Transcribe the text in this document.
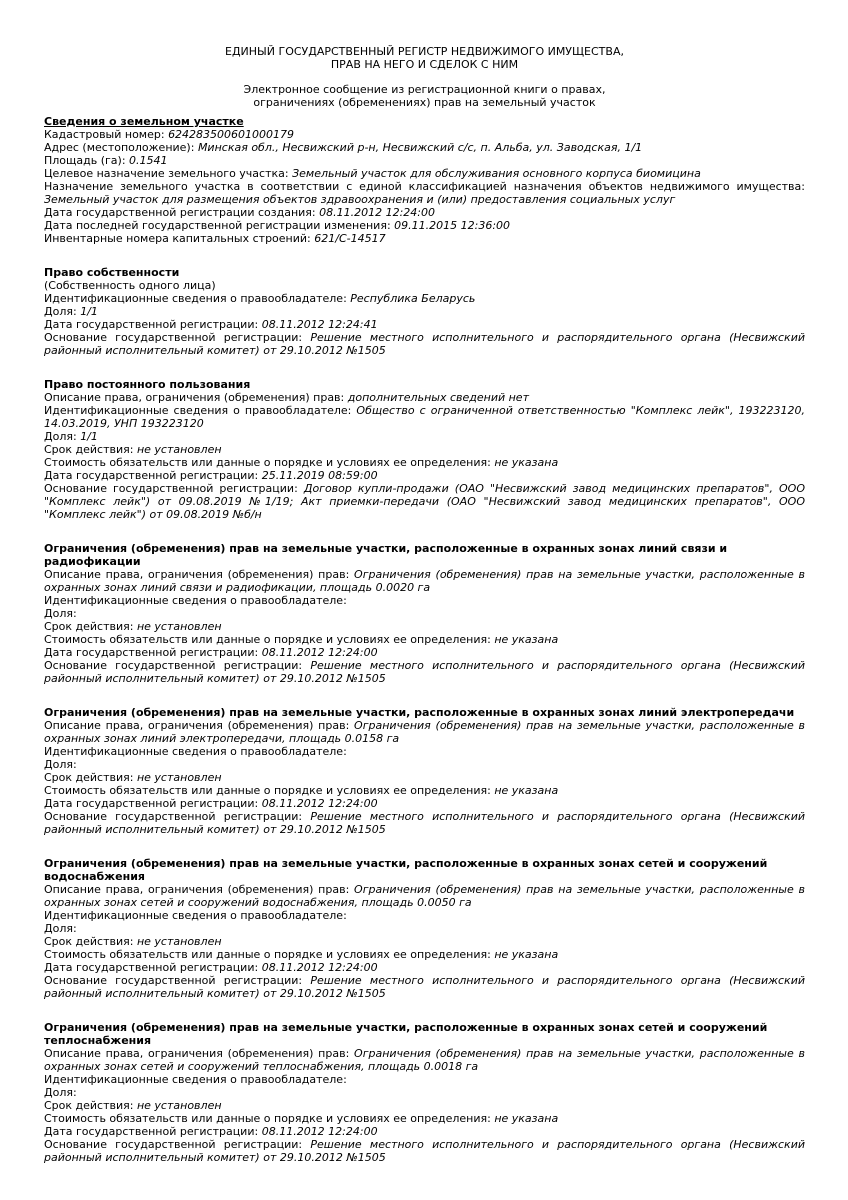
ЕДИНЫЙ ГОСУДАРСТВЕННЫЙ РЕГИСТР НЕДВИЖИМОГО ИМУЩЕСТВА,
ПРАВ НА НЕГО И СДЕЛОК С НИМ
Электронное сообщение из регистрационной книги о правах,
ограничениях (обременениях) прав на земельный участок
Сведения о земельном участке

Кадастровый номер: 624283500601000179

Адрес (местоположение): Минская обл., Несвижский р-н, Несвижский с/с, п. Альба, ул. Заводская, 1/1

Площадь (га): 0.1541

Целевое назначение земельного участка: Земельный участок для обслуживания основного корпуса биомицина

Назначение земельного участка в соответствии с единой классификацией назначения объектов недвижимого имущества: Земельный участок для размещения объектов здравоохранения и (или) предоставления социальных услуг

Дата государственной регистрации создания: 08.11.2012 12:24:00

Дата последней государственной регистрации изменения: 09.11.2015 12:36:00

Инвентарные номера капитальных строений: 621/С-14517

Право собственности

(Собственность одного лица)

Идентификационные сведения о правообладателе: Республика Беларусь

Доля: 1/1

Дата государственной регистрации: 08.11.2012 12:24:41

Основание государственной регистрации: Решение местного исполнительного и распорядительного органа (Несвижский районный исполнительный комитет) от 29.10.2012 №1505

Право постоянного пользования

Описание права, ограничения (обременения) прав: дополнительных сведений нет

Идентификационные сведения о правообладателе: Общество с ограниченной ответственностью "Комплекс лейк", 193223120, 14.03.2019, УНП 193223120

Доля: 1/1

Срок действия: не установлен

Стоимость обязательств или данные о порядке и условиях ее определения: не указана

Дата государственной регистрации: 25.11.2019 08:59:00

Основание государственной регистрации: Договор купли-продажи (ОАО "Несвижский завод медицинских препаратов", ООО "Комплекс лейк") от 09.08.2019 №1/19; Акт приемки-передачи (ОАО "Несвижский завод медицинских препаратов", ООО "Комплекс лейк") от 09.08.2019 №б/н

Ограничения (обременения) прав на земельные участки, расположенные в охранных зонах линий связи и радиофикации

Описание права, ограничения (обременения) прав: Ограничения (обременения) прав на земельные участки, расположенные в охранных зонах линий связи и радиофикации, площадь 0.0020 га

Идентификационные сведения о правообладателе:

Доля:

Срок действия: не установлен

Стоимость обязательств или данные о порядке и условиях ее определения: не указана

Дата государственной регистрации: 08.11.2012 12:24:00

Основание государственной регистрации: Решение местного исполнительного и распорядительного органа (Несвижский районный исполнительный комитет) от 29.10.2012 №1505

Ограничения (обременения) прав на земельные участки, расположенные в охранных зонах линий электропередачи

Описание права, ограничения (обременения) прав: Ограничения (обременения) прав на земельные участки, расположенные в охранных зонах линий электропередачи, площадь 0.0158 га

Идентификационные сведения о правообладателе:

Доля:

Срок действия: не установлен

Стоимость обязательств или данные о порядке и условиях ее определения: не указана

Дата государственной регистрации: 08.11.2012 12:24:00

Основание государственной регистрации: Решение местного исполнительного и распорядительного органа (Несвижский районный исполнительный комитет) от 29.10.2012 №1505

Ограничения (обременения) прав на земельные участки, расположенные в охранных зонах сетей и сооружений водоснабжения

Описание права, ограничения (обременения) прав: Ограничения (обременения) прав на земельные участки, расположенные в охранных зонах сетей и сооружений водоснабжения, площадь 0.0050 га

Идентификационные сведения о правообладателе:

Доля:

Срок действия: не установлен

Стоимость обязательств или данные о порядке и условиях ее определения: не указана

Дата государственной регистрации: 08.11.2012 12:24:00

Основание государственной регистрации: Решение местного исполнительного и распорядительного органа (Несвижский районный исполнительный комитет) от 29.10.2012 №1505

Ограничения (обременения) прав на земельные участки, расположенные в охранных зонах сетей и сооружений теплоснабжения

Описание права, ограничения (обременения) прав: Ограничения (обременения) прав на земельные участки, расположенные в охранных зонах сетей и сооружений теплоснабжения, площадь 0.0018 га

Идентификационные сведения о правообладателе:

Доля:

Срок действия: не установлен

Стоимость обязательств или данные о порядке и условиях ее определения: не указана

Дата государственной регистрации: 08.11.2012 12:24:00

Основание государственной регистрации: Решение местного исполнительного и распорядительного органа (Несвижский районный исполнительный комитет) от 29.10.2012 №1505
